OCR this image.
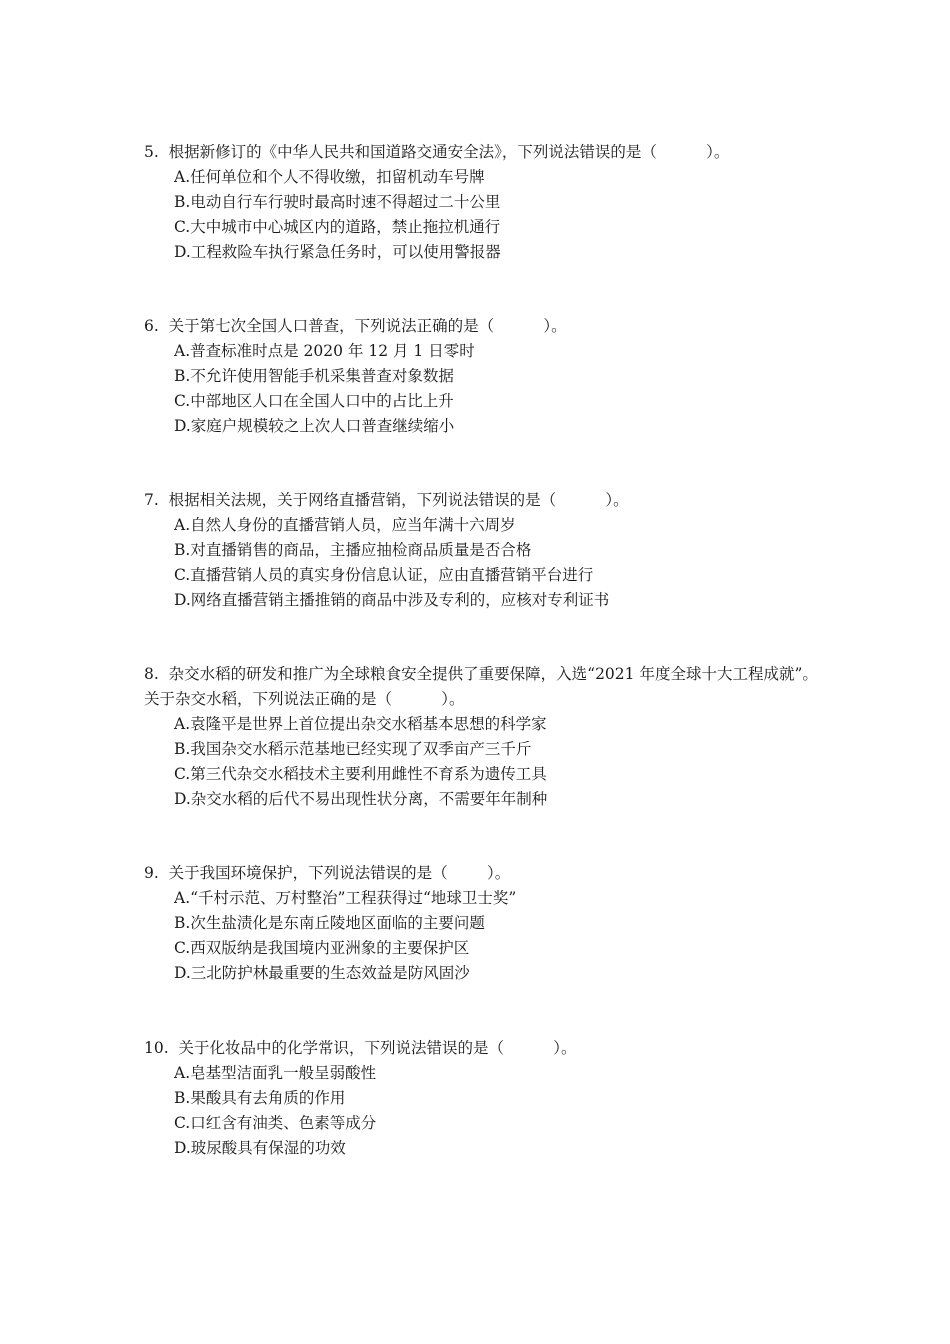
5.  根据新修订的《中华人民共和国道路交通安全法》，下列说法错误的是（          ）。

A.任何单位和个人不得收缴，扣留机动车号牌

B.电动自行车行驶时最高时速不得超过二十公里

C.大中城市中心城区内的道路，禁止拖拉机通行

D.工程救险车执行紧急任务时，可以使用警报器

6.  关于第七次全国人口普查，下列说法正确的是（          ）。

A.普查标准时点是 2020 年 12 月 1 日零时

B.不允许使用智能手机采集普查对象数据

C.中部地区人口在全国人口中的占比上升

D.家庭户规模较之上次人口普查继续缩小

7.  根据相关法规，关于网络直播营销，下列说法错误的是（          ）。

A.自然人身份的直播营销人员，应当年满十六周岁

B.对直播销售的商品，主播应抽检商品质量是否合格

C.直播营销人员的真实身份信息认证，应由直播营销平台进行

D.网络直播营销主播推销的商品中涉及专利的，应核对专利证书

8.  杂交水稻的研发和推广为全球粮食安全提供了重要保障，入选“2021 年度全球十大工程成就”。关于杂交水稻，下列说法正确的是（          ）。

A.袁隆平是世界上首位提出杂交水稻基本思想的科学家

B.我国杂交水稻示范基地已经实现了双季亩产三千斤

C.第三代杂交水稻技术主要利用雌性不育系为遗传工具

D.杂交水稻的后代不易出现性状分离，不需要年年制种

9.  关于我国环境保护，下列说法错误的是（        ）。

A.“千村示范、万村整治”工程获得过“地球卫士奖”

B.次生盐渍化是东南丘陵地区面临的主要问题

C.西双版纳是我国境内亚洲象的主要保护区

D.三北防护林最重要的生态效益是防风固沙

10.  关于化妆品中的化学常识，下列说法错误的是（          ）。

A.皂基型洁面乳一般呈弱酸性

B.果酸具有去角质的作用

C.口红含有油类、色素等成分

D.玻尿酸具有保湿的功效
